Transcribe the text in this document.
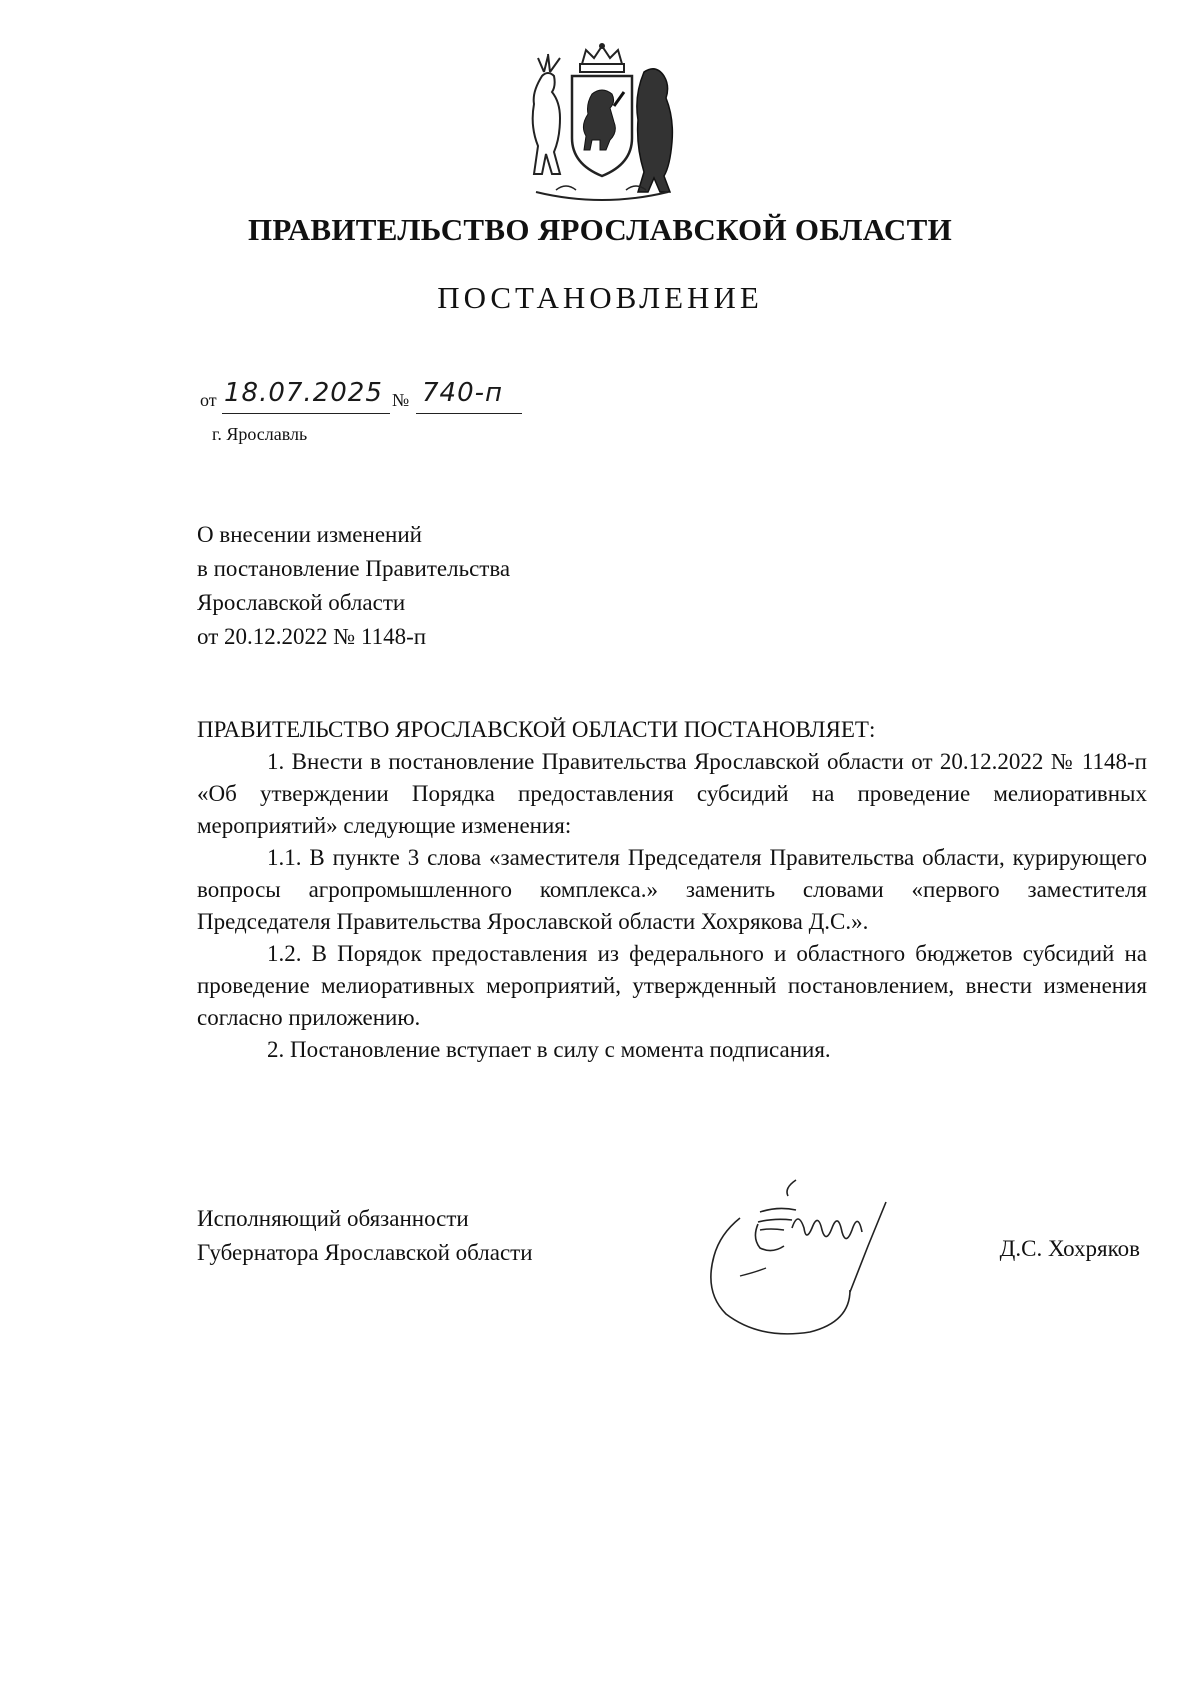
ПРАВИТЕЛЬСТВО ЯРОСЛАВСКОЙ ОБЛАСТИ
ПОСТАНОВЛЕНИЕ
от 18.07.2025 № 740-п
г. Ярославль
О внесении изменений
в постановление Правительства
Ярославской области
от 20.12.2022 № 1148-п
ПРАВИТЕЛЬСТВО ЯРОСЛАВСКОЙ ОБЛАСТИ ПОСТАНОВЛЯЕТ:

1. Внести в постановление Правительства Ярославской области от 20.12.2022 № 1148-п «Об утверждении Порядка предоставления субсидий на проведение мелиоративных мероприятий» следующие изменения:

1.1. В пункте 3 слова «заместителя Председателя Правительства области, курирующего вопросы агропромышленного комплекса.» заменить словами «первого заместителя Председателя Правительства Ярославской области Хохрякова Д.С.».

1.2. В Порядок предоставления из федерального и областного бюджетов субсидий на проведение мелиоративных мероприятий, утвержденный постановлением, внести изменения согласно приложению.

2. Постановление вступает в силу с момента подписания.

Исполняющий обязанности
Губернатора Ярославской области	Д.С. Хохряков
